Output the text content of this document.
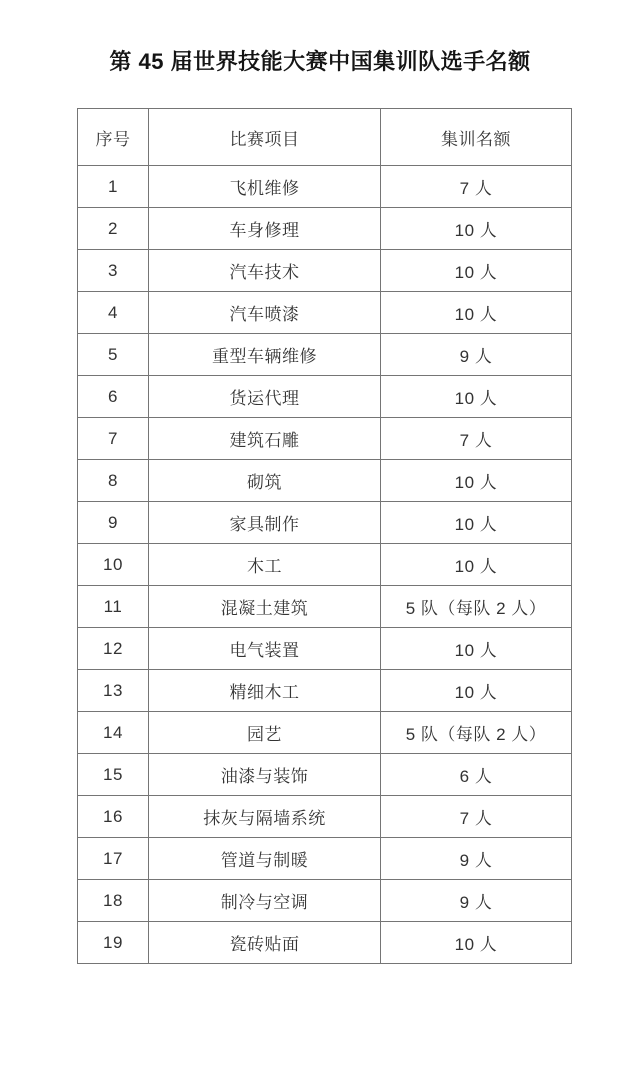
第 45 届世界技能大赛中国集训队选手名额
序号	比赛项目	集训名额
1	飞机维修	7 人
2	车身修理	10 人
3	汽车技术	10 人
4	汽车喷漆	10 人
5	重型车辆维修	9 人
6	货运代理	10 人
7	建筑石雕	7 人
8	砌筑	10 人
9	家具制作	10 人
10	木工	10 人
11	混凝土建筑	5 队（每队 2 人）
12	电气装置	10 人
13	精细木工	10 人
14	园艺	5 队（每队 2 人）
15	油漆与装饰	6 人
16	抹灰与隔墙系统	7 人
17	管道与制暖	9 人
18	制冷与空调	9 人
19	瓷砖贴面	10 人
